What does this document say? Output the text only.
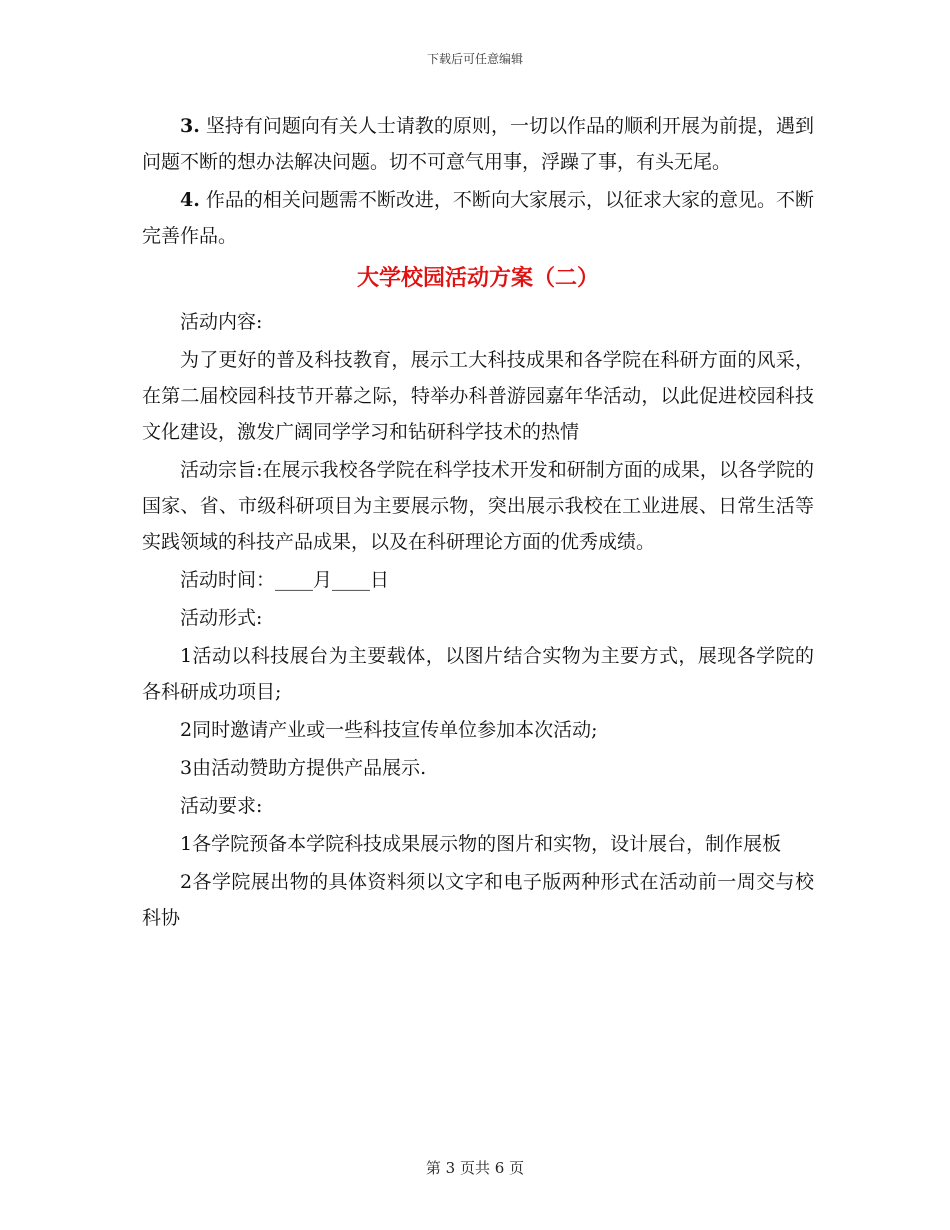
下载后可任意编辑

3. 坚持有问题向有关人士请教的原则，一切以作品的顺利开展为前提，遇到问题不断的想办法解决问题。切不可意气用事，浮躁了事，有头无尾。

4. 作品的相关问题需不断改进，不断向大家展示，以征求大家的意见。不断完善作品。

大学校园活动方案（二）

活动内容:

为了更好的普及科技教育，展示工大科技成果和各学院在科研方面的风采，在第二届校园科技节开幕之际，特举办科普游园嘉年华活动，以此促进校园科技文化建设，激发广阔同学学习和钻研科学技术的热情

活动宗旨:在展示我校各学院在科学技术开发和研制方面的成果，以各学院的国家、省、市级科研项目为主要展示物，突出展示我校在工业进展、日常生活等实践领域的科技产品成果，以及在科研理论方面的优秀成绩。

活动时间：____月____日

活动形式:

1活动以科技展台为主要载体，以图片结合实物为主要方式，展现各学院的各科研成功项目;

2同时邀请产业或一些科技宣传单位参加本次活动;

3由活动赞助方提供产品展示.

活动要求:

1各学院预备本学院科技成果展示物的图片和实物，设计展台，制作展板

2各学院展出物的具体资料须以文字和电子版两种形式在活动前一周交与校科协

第 3 页共 6 页
